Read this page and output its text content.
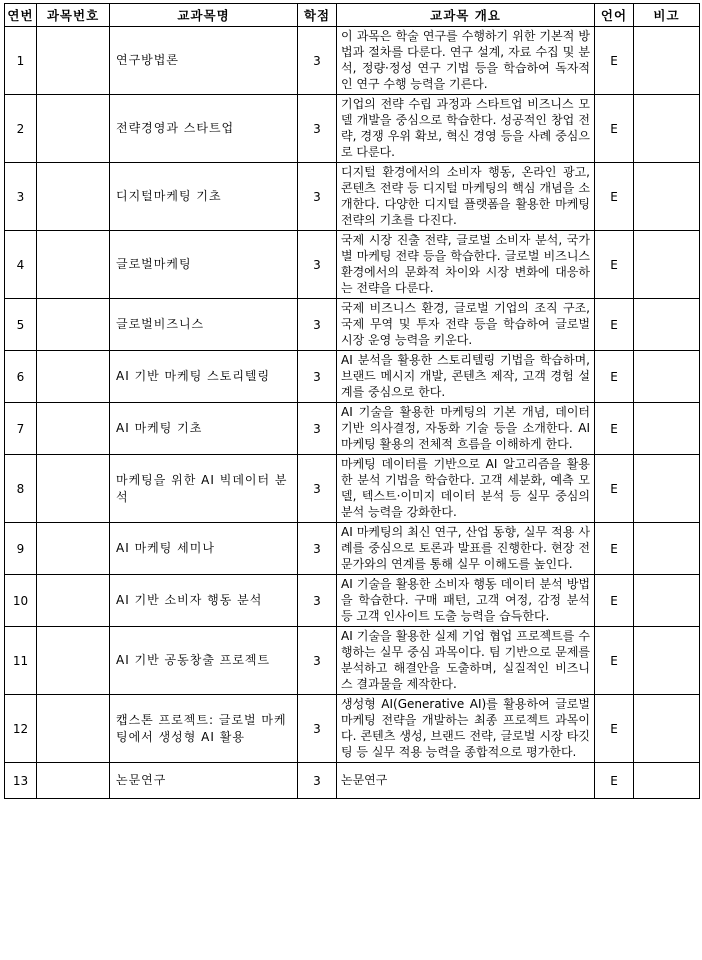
연번	과목번호	교과목명	학점	교과목 개요	언어	비고
1		연구방법론	3	이 과목은 학술 연구를 수행하기 위한 기본적 방법과 절차를 다룬다. 연구 설계, 자료 수집 및 분석, 정량·정성 연구 기법 등을 학습하여 독자적인 연구 수행 능력을 기른다.	E	
2		전략경영과 스타트업	3	기업의 전략 수립 과정과 스타트업 비즈니스 모델 개발을 중심으로 학습한다. 성공적인 창업 전략, 경쟁 우위 확보, 혁신 경영 등을 사례 중심으로 다룬다.	E	
3		디지털마케팅 기초	3	디지털 환경에서의 소비자 행동, 온라인 광고, 콘텐츠 전략 등 디지털 마케팅의 핵심 개념을 소개한다. 다양한 디지털 플랫폼을 활용한 마케팅 전략의 기초를 다진다.	E	
4		글로벌마케팅	3	국제 시장 진출 전략, 글로벌 소비자 분석, 국가별 마케팅 전략 등을 학습한다. 글로벌 비즈니스 환경에서의 문화적 차이와 시장 변화에 대응하는 전략을 다룬다.	E	
5		글로벌비즈니스	3	국제 비즈니스 환경, 글로벌 기업의 조직 구조, 국제 무역 및 투자 전략 등을 학습하여 글로벌 시장 운영 능력을 키운다.	E	
6		AI 기반 마케팅 스토리텔링	3	AI 분석을 활용한 스토리텔링 기법을 학습하며, 브랜드 메시지 개발, 콘텐츠 제작, 고객 경험 설계를 중심으로 한다.	E	
7		AI 마케팅 기초	3	AI 기술을 활용한 마케팅의 기본 개념, 데이터 기반 의사결정, 자동화 기술 등을 소개한다. AI 마케팅 활용의 전체적 흐름을 이해하게 한다.	E	
8		마케팅을 위한 AI 빅데이터 분석	3	마케팅 데이터를 기반으로 AI 알고리즘을 활용한 분석 기법을 학습한다. 고객 세분화, 예측 모델, 텍스트·이미지 데이터 분석 등 실무 중심의 분석 능력을 강화한다.	E	
9		AI 마케팅 세미나	3	AI 마케팅의 최신 연구, 산업 동향, 실무 적용 사례를 중심으로 토론과 발표를 진행한다. 현장 전문가와의 연계를 통해 실무 이해도를 높인다.	E	
10		AI 기반 소비자 행동 분석	3	AI 기술을 활용한 소비자 행동 데이터 분석 방법을 학습한다. 구매 패턴, 고객 여정, 감정 분석 등 고객 인사이트 도출 능력을 습득한다.	E	
11		AI 기반 공동창출 프로젝트	3	AI 기술을 활용한 실제 기업 협업 프로젝트를 수행하는 실무 중심 과목이다. 팀 기반으로 문제를 분석하고 해결안을 도출하며, 실질적인 비즈니스 결과물을 제작한다.	E	
12		캡스톤 프로젝트: 글로벌 마케팅에서 생성형 AI 활용	3	생성형 AI(Generative AI)를 활용하여 글로벌 마케팅 전략을 개발하는 최종 프로젝트 과목이다. 콘텐츠 생성, 브랜드 전략, 글로벌 시장 타깃팅 등 실무 적용 능력을 종합적으로 평가한다.	E	
13		논문연구	3	논문연구	E	
